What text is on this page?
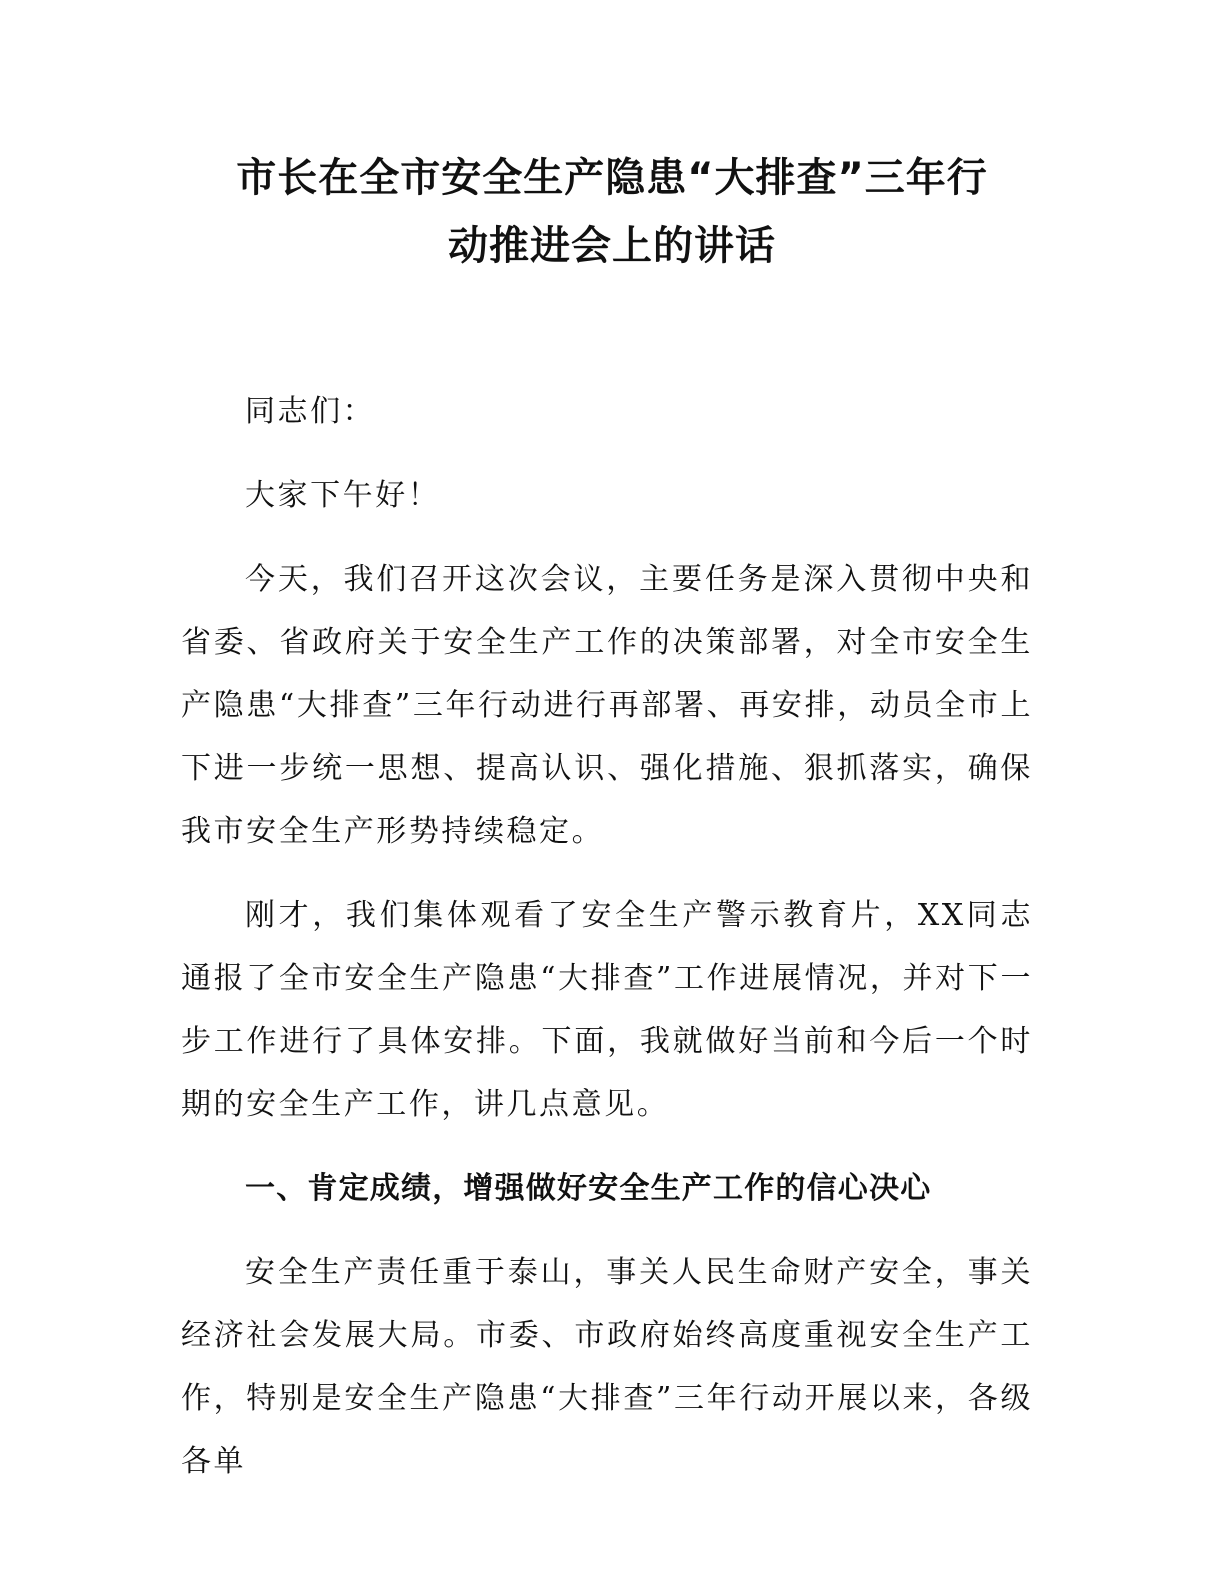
市长在全市安全生产隐患“大排查”三年行
动推进会上的讲话

同志们：

大家下午好！

今天，我们召开这次会议，主要任务是深入贯彻中央和省委、省政府关于安全生产工作的决策部署，对全市安全生产隐患“大排查”三年行动进行再部署、再安排，动员全市上下进一步统一思想、提高认识、强化措施、狠抓落实，确保我市安全生产形势持续稳定。

刚才，我们集体观看了安全生产警示教育片，XX同志通报了全市安全生产隐患“大排查”工作进展情况，并对下一步工作进行了具体安排。下面，我就做好当前和今后一个时期的安全生产工作，讲几点意见。

一、肯定成绩，增强做好安全生产工作的信心决心

安全生产责任重于泰山，事关人民生命财产安全，事关经济社会发展大局。市委、市政府始终高度重视安全生产工作，特别是安全生产隐患“大排查”三年行动开展以来，各级各单
